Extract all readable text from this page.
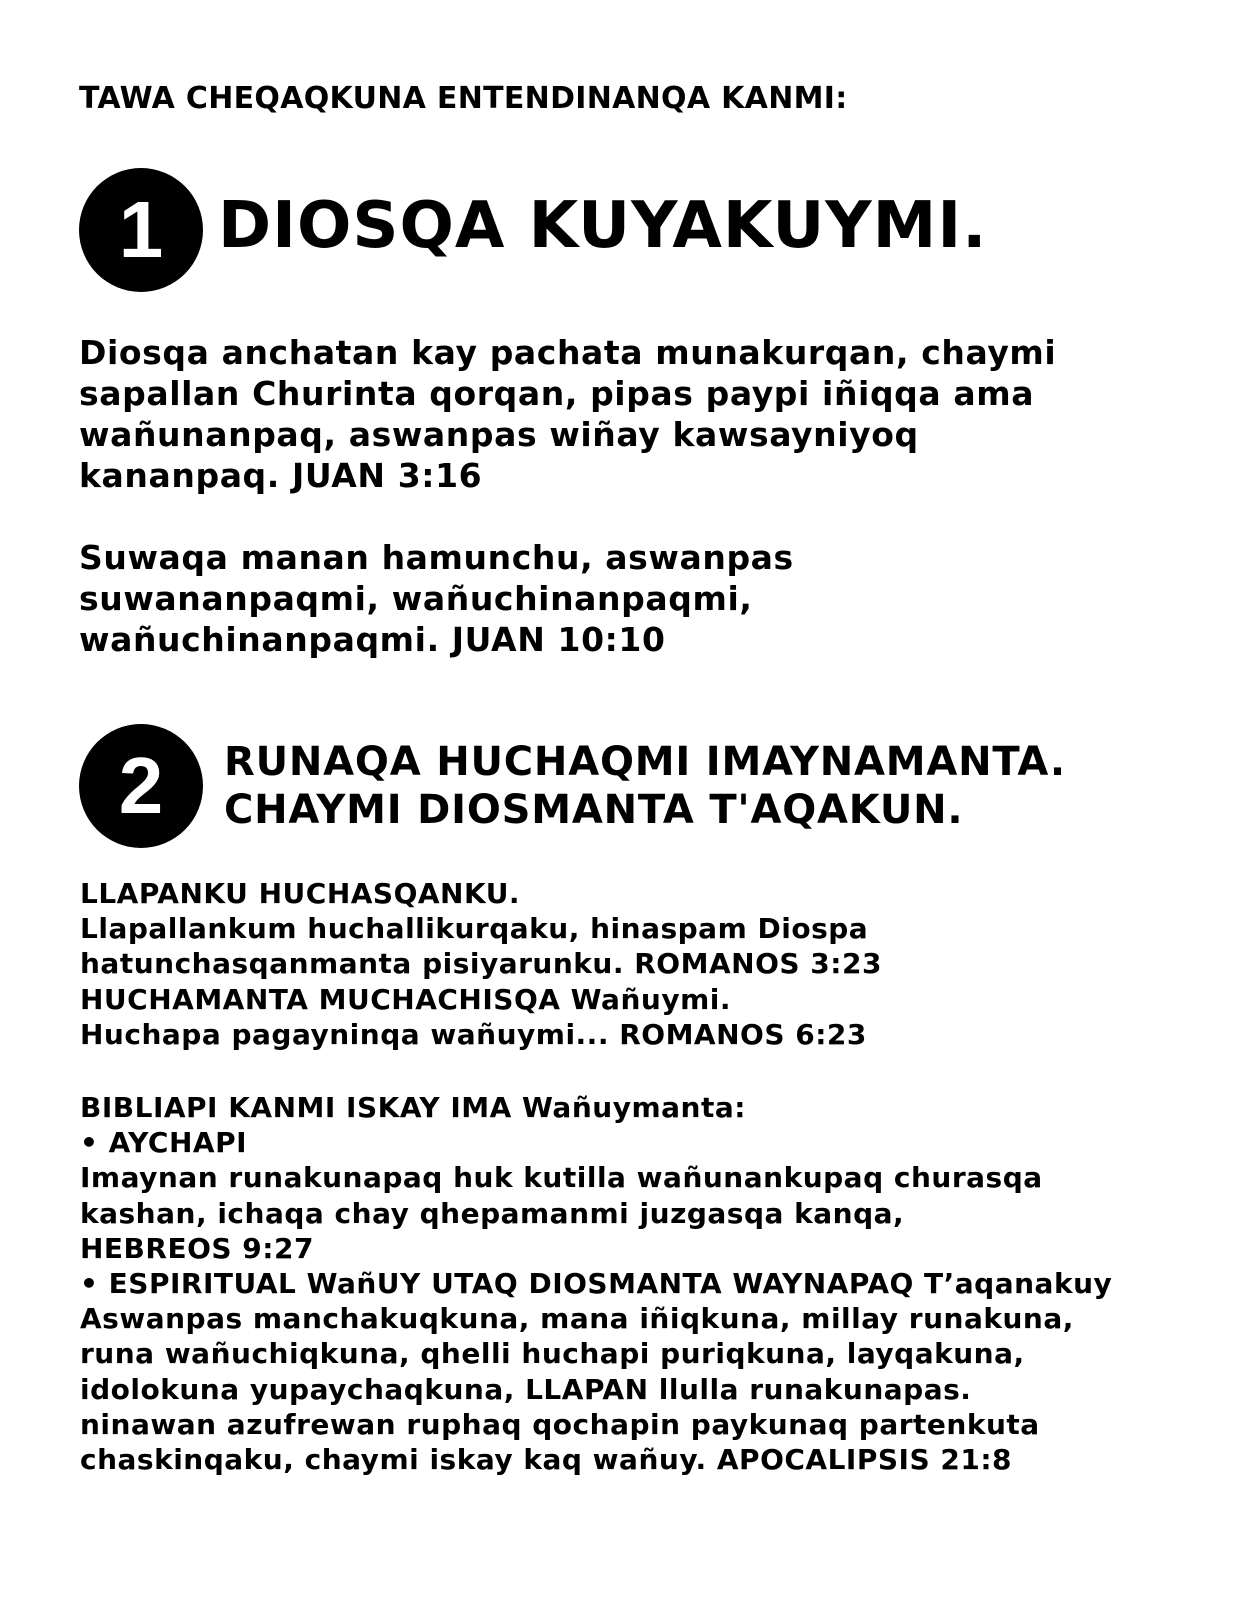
TAWA CHEQAQKUNA ENTENDINANQA KANMI:
1 DIOSQA KUYAKUYMI.
Diosqa anchatan kay pachata munakurqan, chaymi
sapallan Churinta qorqan, pipas paypi iñiqqa ama
wañunanpaq, aswanpas wiñay kawsayniyoq
kananpaq. JUAN 3:16
Suwaqa manan hamunchu, aswanpas
suwananpaqmi, wañuchinanpaqmi,
wañuchinanpaqmi. JUAN 10:10
2	RUNAQA HUCHAQMI IMAYNAMANTA.
CHAYMI DIOSMANTA T'AQAKUN.
LLAPANKU HUCHASQANKU.
Llapallankum huchallikurqaku, hinaspam Diospa
hatunchasqanmanta pisiyarunku. ROMANOS 3:23
HUCHAMANTA MUCHACHISQA Wañuymi.
Huchapa pagayninqa wañuymi... ROMANOS 6:23
BIBLIAPI KANMI ISKAY IMA Wañuymanta:
• AYCHAPI
Imaynan runakunapaq huk kutilla wañunankupaq churasqa
kashan, ichaqa chay qhepamanmi juzgasqa kanqa,
HEBREOS 9:27
• ESPIRITUAL WañUY UTAQ DIOSMANTA WAYNAPAQ T’aqanakuy
Aswanpas manchakuqkuna, mana iñiqkuna, millay runakuna,
runa wañuchiqkuna, qhelli huchapi puriqkuna, layqakuna,
idolokuna yupaychaqkuna, LLAPAN llulla runakunapas.
ninawan azufrewan ruphaq qochapin paykunaq partenkuta
chaskinqaku, chaymi iskay kaq wañuy. APOCALIPSIS 21:8
